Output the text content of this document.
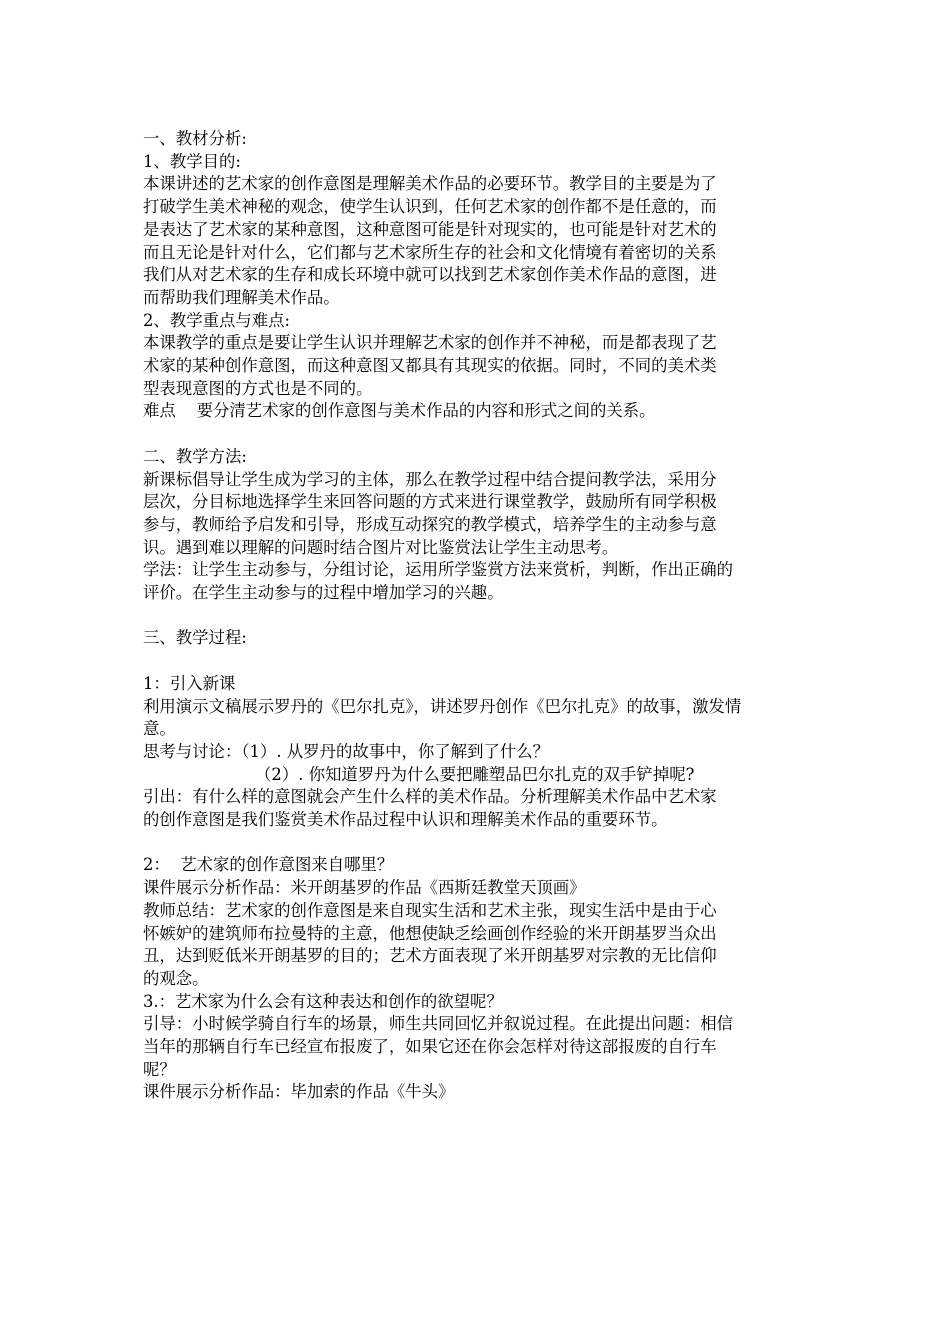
一、教材分析:
1、教学目的:
本课讲述的艺术家的创作意图是理解美术作品的必要环节。教学目的主要是为了
打破学生美术神秘的观念，使学生认识到，任何艺术家的创作都不是任意的，而
是表达了艺术家的某种意图，这种意图可能是针对现实的，也可能是针对艺术的
而且无论是针对什么，它们都与艺术家所生存的社会和文化情境有着密切的关系
我们从对艺术家的生存和成长环境中就可以找到艺术家创作美术作品的意图，进
而帮助我们理解美术作品。
2、教学重点与难点:
本课教学的重点是要让学生认识并理解艺术家的创作并不神秘，而是都表现了艺
术家的某种创作意图，而这种意图又都具有其现实的依据。同时，不同的美术类
型表现意图的方式也是不同的。
难点    要分清艺术家的创作意图与美术作品的内容和形式之间的关系。
二、教学方法:
新课标倡导让学生成为学习的主体，那么在教学过程中结合提问教学法，采用分
层次，分目标地选择学生来回答问题的方式来进行课堂教学，鼓励所有同学积极
参与，教师给予启发和引导，形成互动探究的教学模式，培养学生的主动参与意
识。遇到难以理解的问题时结合图片对比鉴赏法让学生主动思考。
学法：让学生主动参与，分组讨论，运用所学鉴赏方法来赏析，判断，作出正确的
评价。在学生主动参与的过程中增加学习的兴趣。
三、教学过程:
1：引入新课
利用演示文稿展示罗丹的《巴尔扎克》，讲述罗丹创作《巴尔扎克》的故事，激发情
意。
思考与讨论：（1）. 从罗丹的故事中，你了解到了什么？
（2）. 你知道罗丹为什么要把雕塑品巴尔扎克的双手铲掉呢?
引出：有什么样的意图就会产生什么样的美术作品。分析理解美术作品中艺术家
的创作意图是我们鉴赏美术作品过程中认识和理解美术作品的重要环节。
2：  艺术家的创作意图来自哪里？
课件展示分析作品：米开朗基罗的作品《西斯廷教堂天顶画》
教师总结：艺术家的创作意图是来自现实生活和艺术主张，现实生活中是由于心
怀嫉妒的建筑师布拉曼特的主意，他想使缺乏绘画创作经验的米开朗基罗当众出
丑，达到贬低米开朗基罗的目的；艺术方面表现了米开朗基罗对宗教的无比信仰
的观念。
3.：艺术家为什么会有这种表达和创作的欲望呢？
引导：小时候学骑自行车的场景，师生共同回忆并叙说过程。在此提出问题：相信
当年的那辆自行车已经宣布报废了，如果它还在你会怎样对待这部报废的自行车
呢？
课件展示分析作品：毕加索的作品《牛头》
